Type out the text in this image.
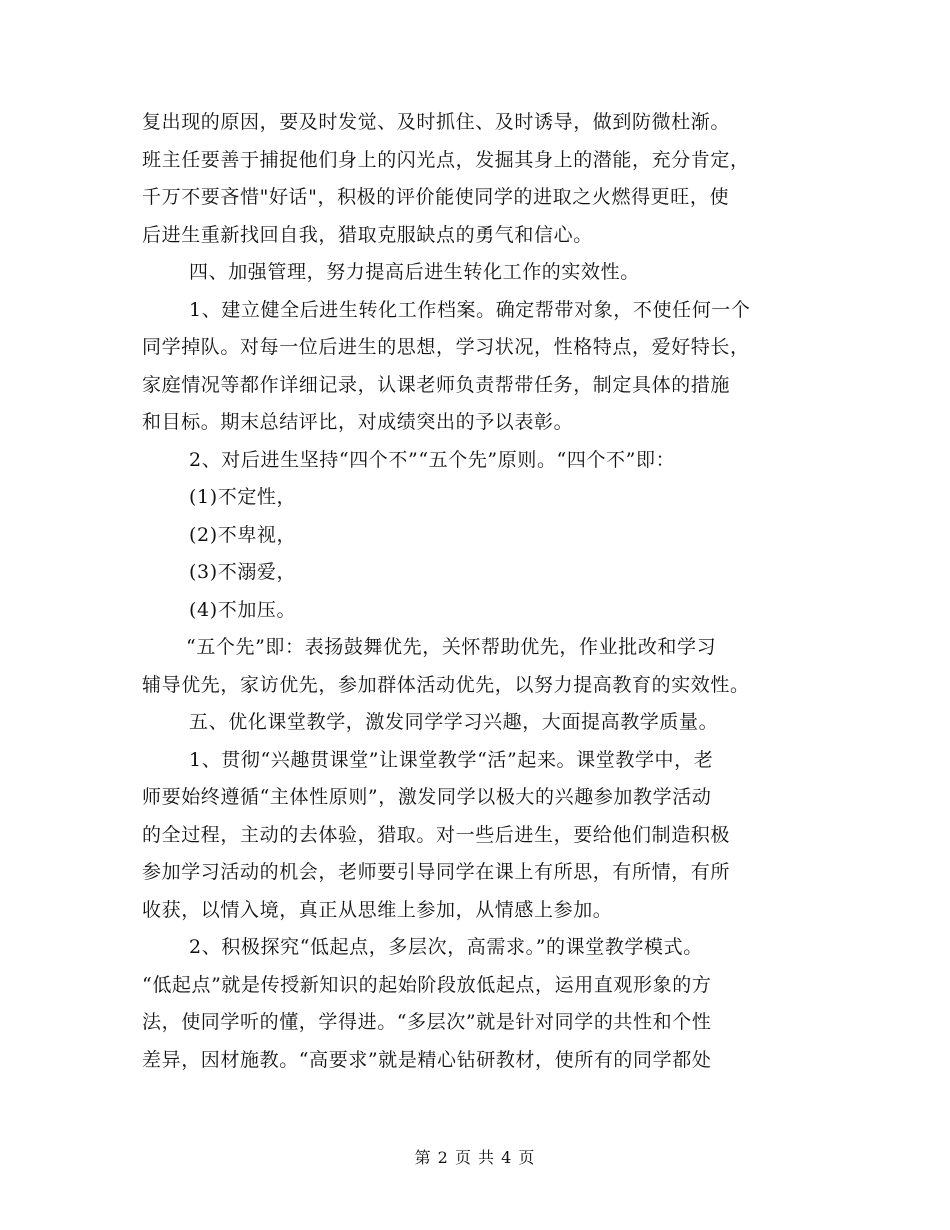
复出现的原因，要及时发觉、及时抓住、及时诱导，做到防微杜渐。
班主任要善于捕捉他们身上的闪光点，发掘其身上的潜能，充分肯定，
千万不要吝惜"好话"，积极的评价能使同学的进取之火燃得更旺，使
后进生重新找回自我，猎取克服缺点的勇气和信心。
四、加强管理，努力提高后进生转化工作的实效性。
1、建立健全后进生转化工作档案。确定帮带对象，不使任何一个
同学掉队。对每一位后进生的思想，学习状况，性格特点，爱好特长，
家庭情况等都作详细记录，认课老师负责帮带任务，制定具体的措施
和目标。期末总结评比，对成绩突出的予以表彰。
2、对后进生坚持“四个不”“五个先”原则。“四个不”即：
(1)不定性，
(2)不卑视，
(3)不溺爱，
(4)不加压。
“五个先”即：表扬鼓舞优先，关怀帮助优先，作业批改和学习
辅导优先，家访优先，参加群体活动优先，以努力提高教育的实效性。
五、优化课堂教学，激发同学学习兴趣，大面提高教学质量。
1、贯彻“兴趣贯课堂”让课堂教学“活”起来。课堂教学中，老
师要始终遵循“主体性原则”，激发同学以极大的兴趣参加教学活动
的全过程，主动的去体验，猎取。对一些后进生，要给他们制造积极
参加学习活动的机会，老师要引导同学在课上有所思，有所情，有所
收获，以情入境，真正从思维上参加，从情感上参加。
2、积极探究“低起点，多层次，高需求。”的课堂教学模式。
“低起点”就是传授新知识的起始阶段放低起点，运用直观形象的方
法，使同学听的懂，学得进。“多层次”就是针对同学的共性和个性
差异，因材施教。“高要求”就是精心钻研教材，使所有的同学都处
第 2 页 共 4 页
